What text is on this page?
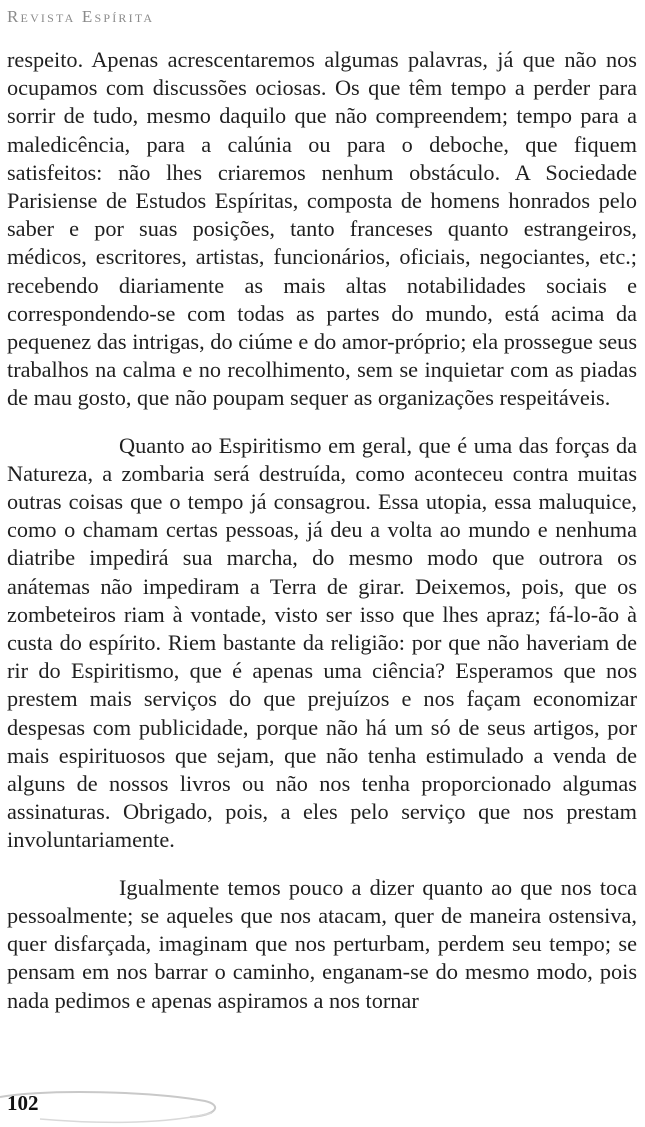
Revista Espírita

respeito. Apenas acrescentaremos algumas palavras, já que não nos ocupamos com discussões ociosas. Os que têm tempo a perder para sorrir de tudo, mesmo daquilo que não compreendem; tempo para a maledicência, para a calúnia ou para o deboche, que fiquem satisfeitos: não lhes criaremos nenhum obstáculo. A Sociedade Parisiense de Estudos Espíritas, composta de homens honrados pelo saber e por suas posições, tanto franceses quanto estrangeiros, médicos, escritores, artistas, funcionários, oficiais, negociantes, etc.; recebendo diariamente as mais altas notabilidades sociais e correspondendo-se com todas as partes do mundo, está acima da pequenez das intrigas, do ciúme e do amor-próprio; ela prossegue seus trabalhos na calma e no recolhimento, sem se inquietar com as piadas de mau gosto, que não poupam sequer as organizações respeitáveis.

Quanto ao Espiritismo em geral, que é uma das forças da Natureza, a zombaria será destruída, como aconteceu contra muitas outras coisas que o tempo já consagrou. Essa utopia, essa maluquice, como o chamam certas pessoas, já deu a volta ao mundo e nenhuma diatribe impedirá sua marcha, do mesmo modo que outrora os anátemas não impediram a Terra de girar. Deixemos, pois, que os zombeteiros riam à vontade, visto ser isso que lhes apraz; fá-lo-ão à custa do espírito. Riem bastante da religião: por que não haveriam de rir do Espiritismo, que é apenas uma ciência? Esperamos que nos prestem mais serviços do que prejuízos e nos façam economizar despesas com publicidade, porque não há um só de seus artigos, por mais espirituosos que sejam, que não tenha estimulado a venda de alguns de nossos livros ou não nos tenha proporcionado algumas assinaturas. Obrigado, pois, a eles pelo serviço que nos prestam involuntariamente.

Igualmente temos pouco a dizer quanto ao que nos toca pessoalmente; se aqueles que nos atacam, quer de maneira ostensiva, quer disfarçada, imaginam que nos perturbam, perdem seu tempo; se pensam em nos barrar o caminho, enganam-se do mesmo modo, pois nada pedimos e apenas aspiramos a nos tornar

102
